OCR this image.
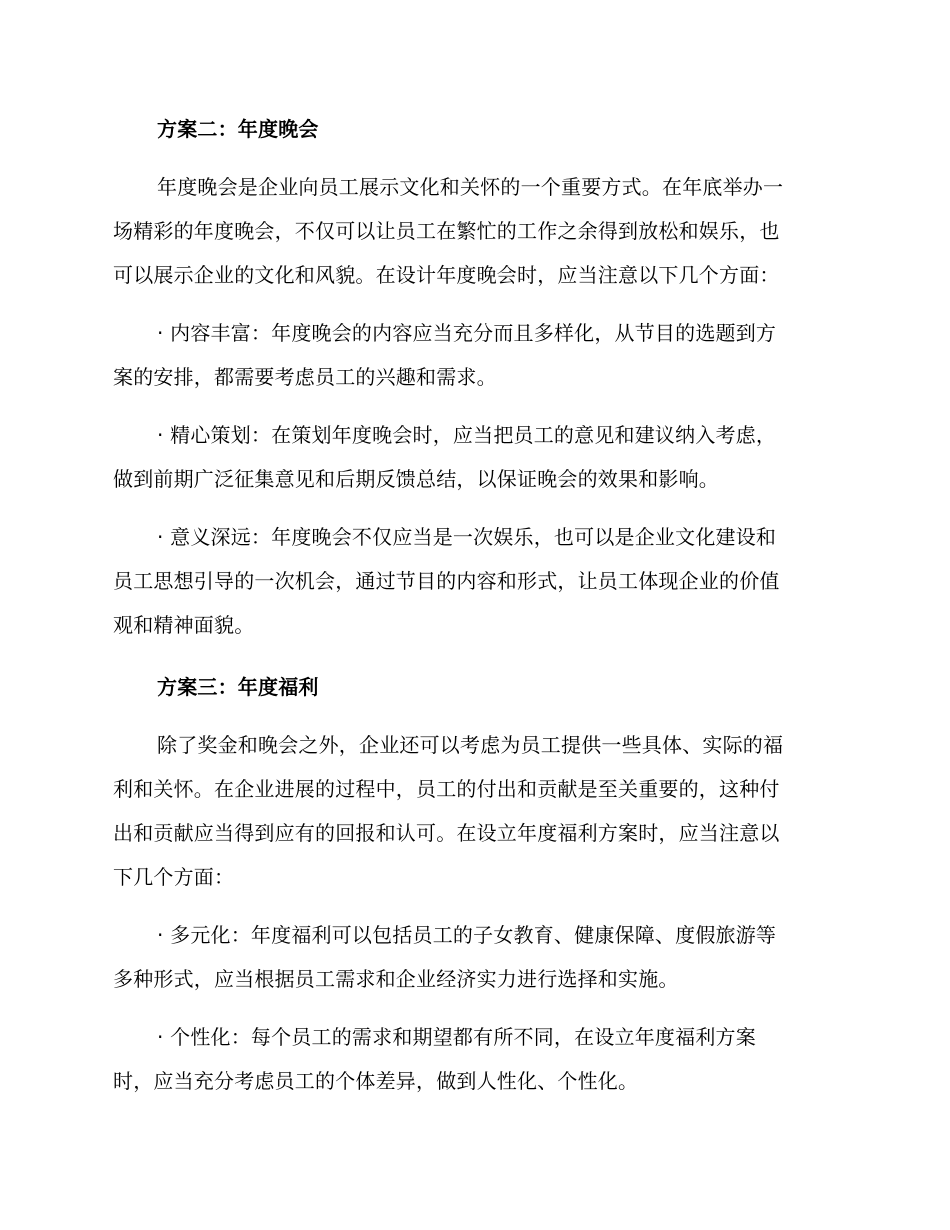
方案二：年度晚会
年度晚会是企业向员工展示文化和关怀的一个重要方式。在年底举办一
场精彩的年度晚会，不仅可以让员工在繁忙的工作之余得到放松和娱乐，也
可以展示企业的文化和风貌。在设计年度晚会时，应当注意以下几个方面：
· 内容丰富：年度晚会的内容应当充分而且多样化，从节目的选题到方
案的安排，都需要考虑员工的兴趣和需求。
· 精心策划：在策划年度晚会时，应当把员工的意见和建议纳入考虑，
做到前期广泛征集意见和后期反馈总结，以保证晚会的效果和影响。
· 意义深远：年度晚会不仅应当是一次娱乐，也可以是企业文化建设和
员工思想引导的一次机会，通过节目的内容和形式，让员工体现企业的价值
观和精神面貌。
方案三：年度福利
除了奖金和晚会之外，企业还可以考虑为员工提供一些具体、实际的福
利和关怀。在企业进展的过程中，员工的付出和贡献是至关重要的，这种付
出和贡献应当得到应有的回报和认可。在设立年度福利方案时，应当注意以
下几个方面：
· 多元化：年度福利可以包括员工的子女教育、健康保障、度假旅游等
多种形式，应当根据员工需求和企业经济实力进行选择和实施。
· 个性化：每个员工的需求和期望都有所不同，在设立年度福利方案
时，应当充分考虑员工的个体差异，做到人性化、个性化。
